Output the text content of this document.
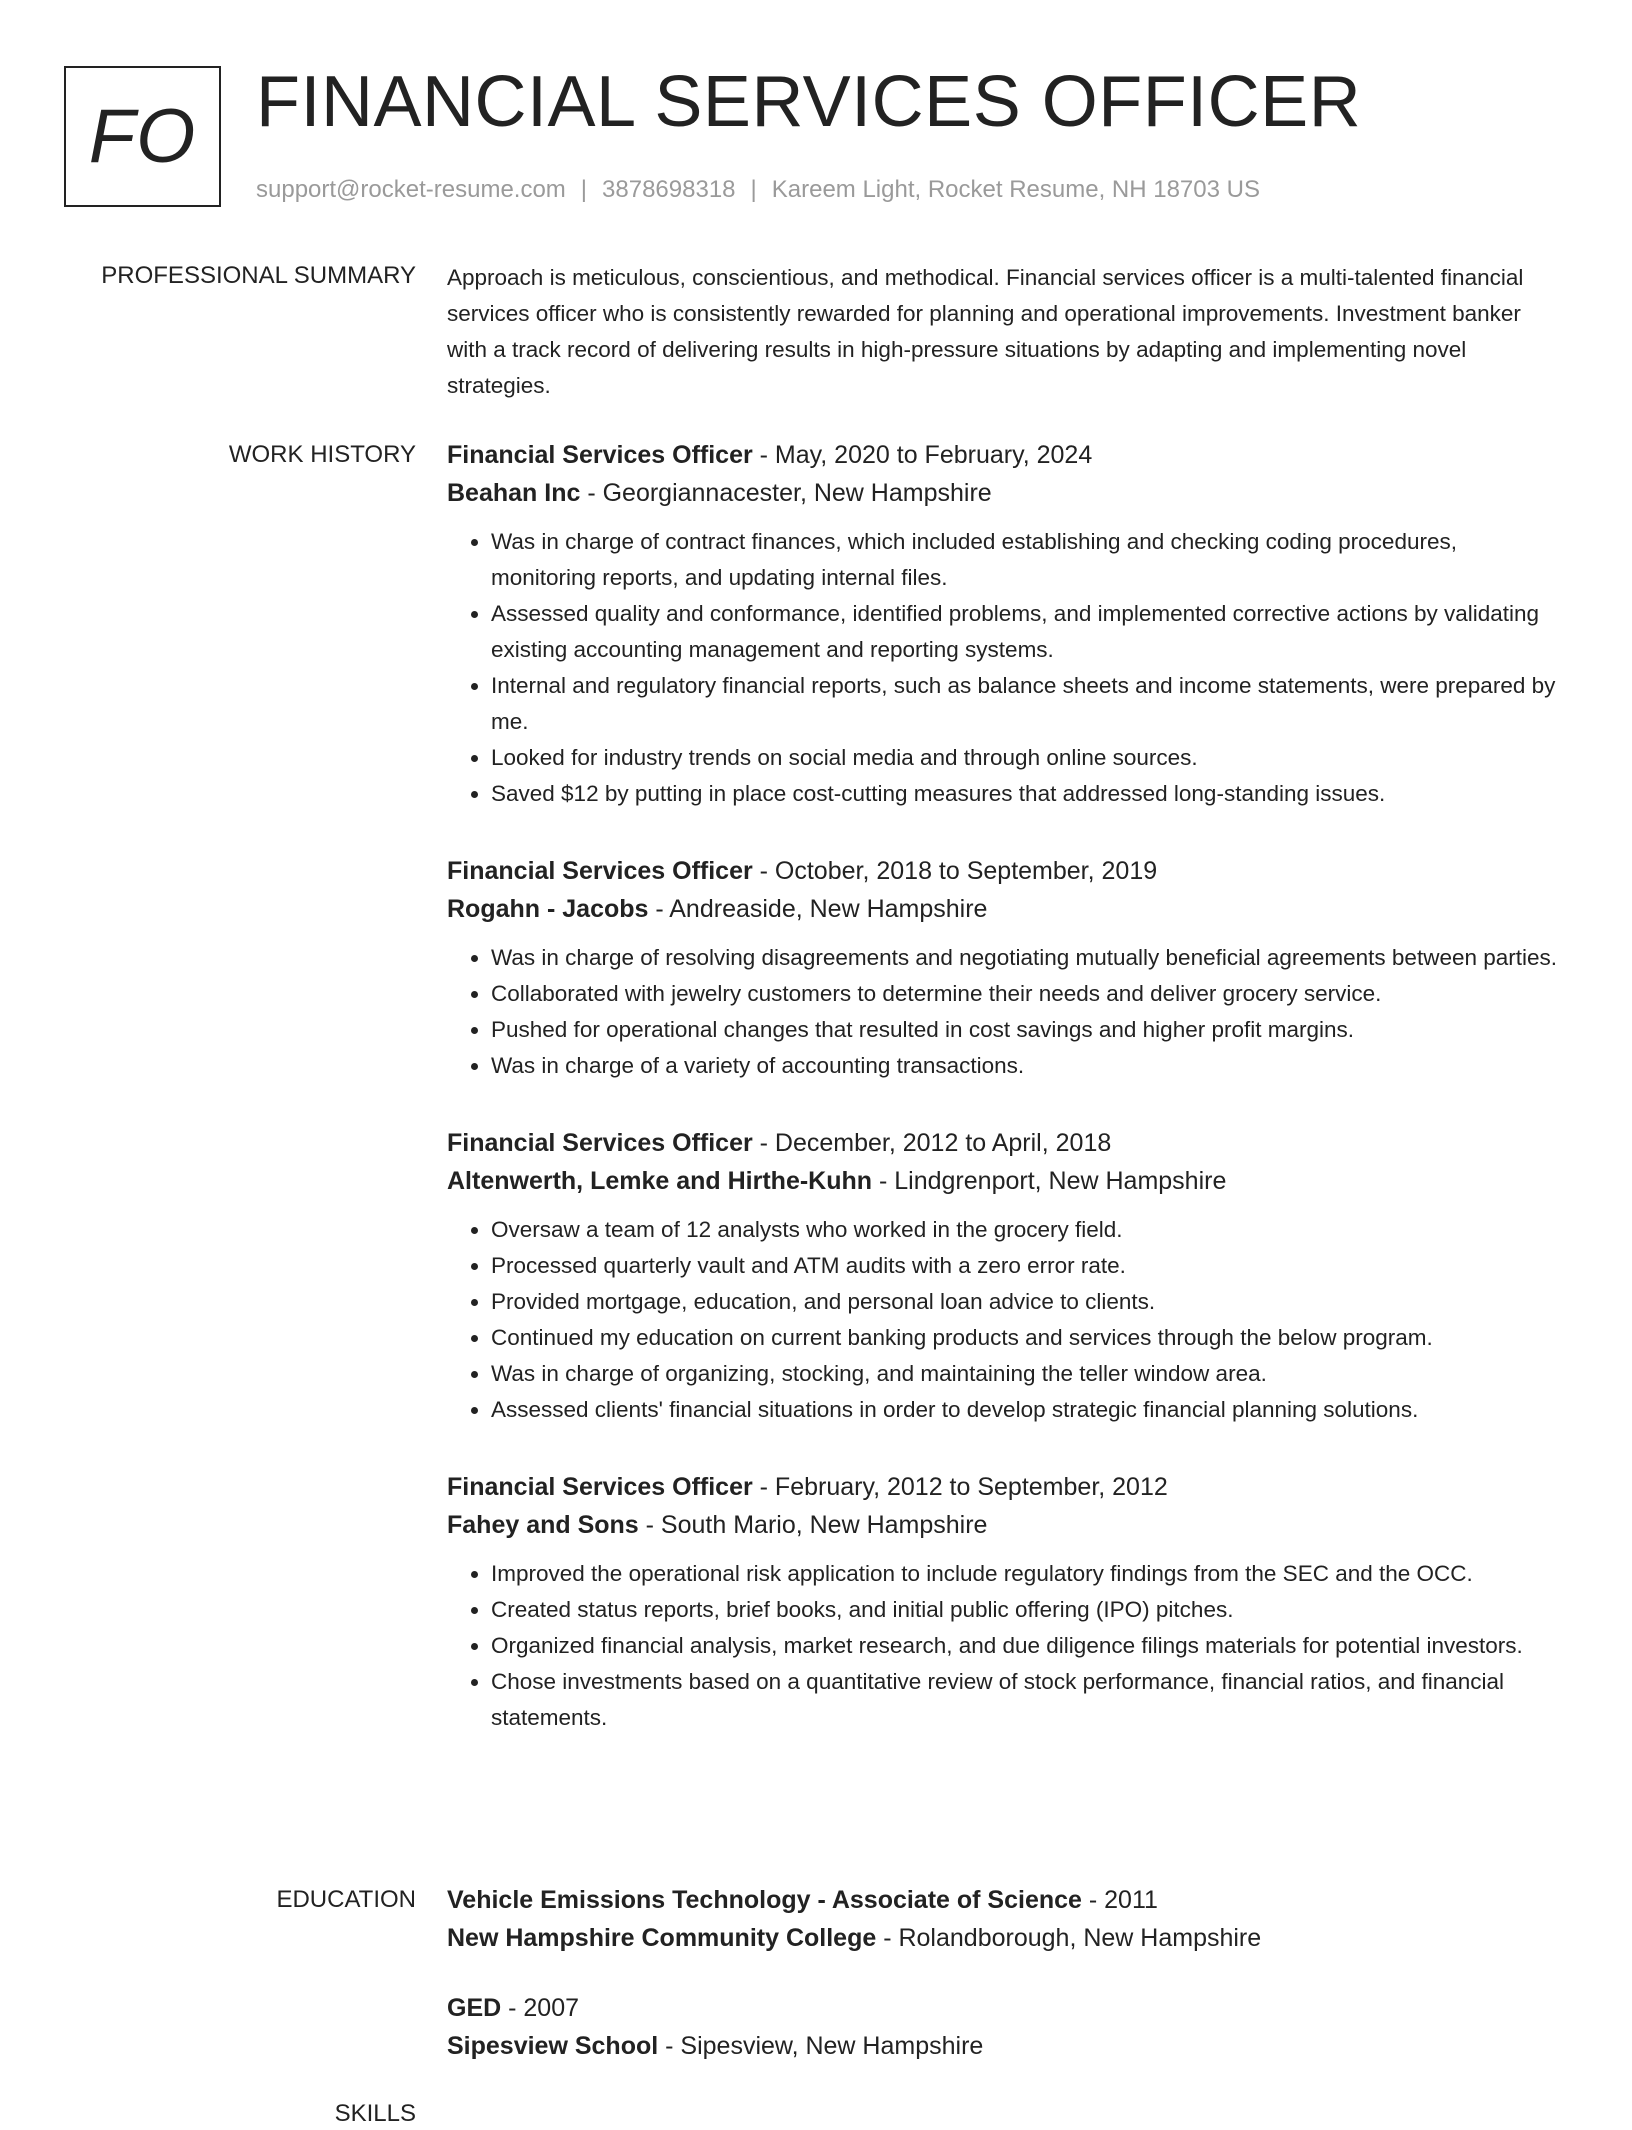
FO FINANCIAL SERVICES OFFICER
support@rocket-resume.com | 3878698318 | Kareem Light, Rocket Resume, NH 18703 US
PROFESSIONAL SUMMARY Approach is meticulous, conscientious, and methodical. Financial services officer is a multi-talented financial services officer who is consistently rewarded for planning and operational improvements. Investment banker with a track record of delivering results in high-pressure situations by adapting and implementing novel strategies.

WORK HISTORY Financial Services Officer - May, 2020 to February, 2024
Beahan Inc - Georgiannacester, New Hampshire
• Was in charge of contract finances, which included establishing and checking coding procedures, monitoring reports, and updating internal files.
• Assessed quality and conformance, identified problems, and implemented corrective actions by validating existing accounting management and reporting systems.
• Internal and regulatory financial reports, such as balance sheets and income statements, were prepared by me.
• Looked for industry trends on social media and through online sources.
• Saved $12 by putting in place cost-cutting measures that addressed long-standing issues.
Financial Services Officer - October, 2018 to September, 2019
Rogahn - Jacobs - Andreaside, New Hampshire
• Was in charge of resolving disagreements and negotiating mutually beneficial agreements between parties.
• Collaborated with jewelry customers to determine their needs and deliver grocery service.
• Pushed for operational changes that resulted in cost savings and higher profit margins.
• Was in charge of a variety of accounting transactions.
Financial Services Officer - December, 2012 to April, 2018
Altenwerth, Lemke and Hirthe-Kuhn - Lindgrenport, New Hampshire
• Oversaw a team of 12 analysts who worked in the grocery field.
• Processed quarterly vault and ATM audits with a zero error rate.
• Provided mortgage, education, and personal loan advice to clients.
• Continued my education on current banking products and services through the below program.
• Was in charge of organizing, stocking, and maintaining the teller window area.
• Assessed clients' financial situations in order to develop strategic financial planning solutions.
Financial Services Officer - February, 2012 to September, 2012
Fahey and Sons - South Mario, New Hampshire
• Improved the operational risk application to include regulatory findings from the SEC and the OCC.
• Created status reports, brief books, and initial public offering (IPO) pitches.
• Organized financial analysis, market research, and due diligence filings materials for potential investors.
• Chose investments based on a quantitative review of stock performance, financial ratios, and financial statements.
EDUCATION Vehicle Emissions Technology - Associate of Science - 2011
New Hampshire Community College - Rolandborough, New Hampshire
GED - 2007
Sipesview School - Sipesview, New Hampshire
SKILLS
